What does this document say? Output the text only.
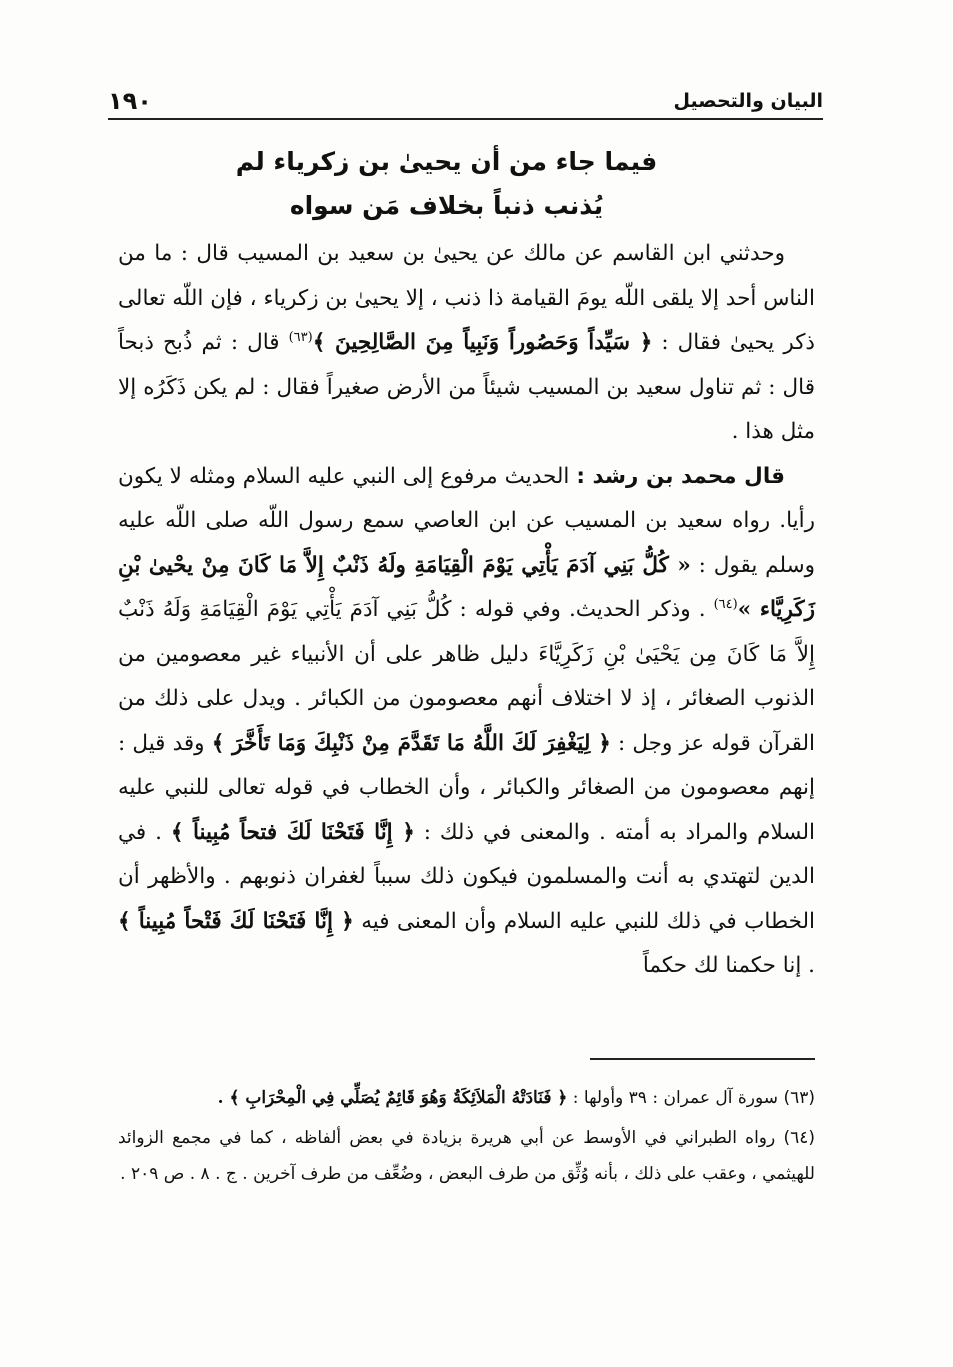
البيان والتحصيل
١٩٠
فيما جاء من أن يحيىٰ بن زكرياء لم
يُذنب ذنباً بخلاف مَن سواه

وحدثني ابن القاسم عن مالك عن يحيىٰ بن سعيد بن المسيب قال : ما من الناس أحد إلا يلقى اللّه يومَ القيامة ذا ذنب ، إلا يحيىٰ بن زكرياء ، فإن اللّه تعالى ذكر يحيىٰ فقال : ﴿ سَيِّداً وَحَصُوراً وَنَبِياً مِنَ الصَّالِحِينَ ﴾$^{(٦٣)}$ قال : ثم ذُبح ذبحاً قال : ثم تناول سعيد بن المسيب شيئاً من الأرض صغيراً فقال : لم يكن ذَكَرُه إلا مثل هذا .

قال محمد بن رشد : الحديث مرفوع إلى النبي عليه السلام ومثله لا يكون رأيا. رواه سعيد بن المسيب عن ابن العاصي سمع رسول اللّه صلى اللّه عليه وسلم يقول : « كُلُّ بَنِي آدَمَ يَأْتِي يَوْمَ الْقِيَامَةِ ولَهُ ذَنْبٌ إِلاَّ مَا كَانَ مِنْ يحْيىٰ بْنِ زَكَرِيَّاء »$^{(٦٤)}$ . وذكر الحديث. وفي قوله : كُلُّ بَنِي آدَمَ يَأْتِي يَوْمَ الْقِيَامَةِ وَلَهُ ذَنْبٌ إِلاَّ مَا كَانَ مِن يَحْيَىٰ بْنِ زَكَرِيَّاءَ دليل ظاهر على أن الأنبياء غير معصومين من الذنوب الصغائر ، إذ لا اختلاف أنهم معصومون من الكبائر . ويدل على ذلك من القرآن قوله عز وجل : ﴿ لِيَغْفِرَ لَكَ اللَّهُ مَا تَقَدَّمَ مِنْ ذَنْبِكَ وَمَا تَأَخَّرَ ﴾ وقد قيل : إنهم معصومون من الصغائر والكبائر ، وأن الخطاب في قوله تعالى للنبي عليه السلام والمراد به أمته . والمعنى في ذلك : ﴿ إِنَّا فَتَحْنَا لَكَ فتحاً مُبِيناً ﴾ . في الدين لتهتدي به أنت والمسلمون فيكون ذلك سبباً لغفران ذنوبهم . والأظهر أن الخطاب في ذلك للنبي عليه السلام وأن المعنى فيه ﴿ إِنَّا فَتَحْنَا لَكَ فَتْحاً مُبِيناً ﴾ . إنا حكمنا لك حكماً

(٦٣) سورة آل عمران : ٣٩ وأولها : ﴿ فَنَادَتْهُ الْمَلاَئِكَةُ وَهُوَ قَائِمٌ يُصَلِّي فِي الْمِحْرَابِ ﴾ .

(٦٤) رواه الطبراني في الأوسط عن أبي هريرة بزيادة في بعض ألفاظه ، كما في مجمع الزوائد للهيثمي ، وعقب على ذلك ، بأنه وُثِّق من طرف البعض ، وضُعِّف من طرف آخرين . ج . ٨ . ص ٢٠٩ .
